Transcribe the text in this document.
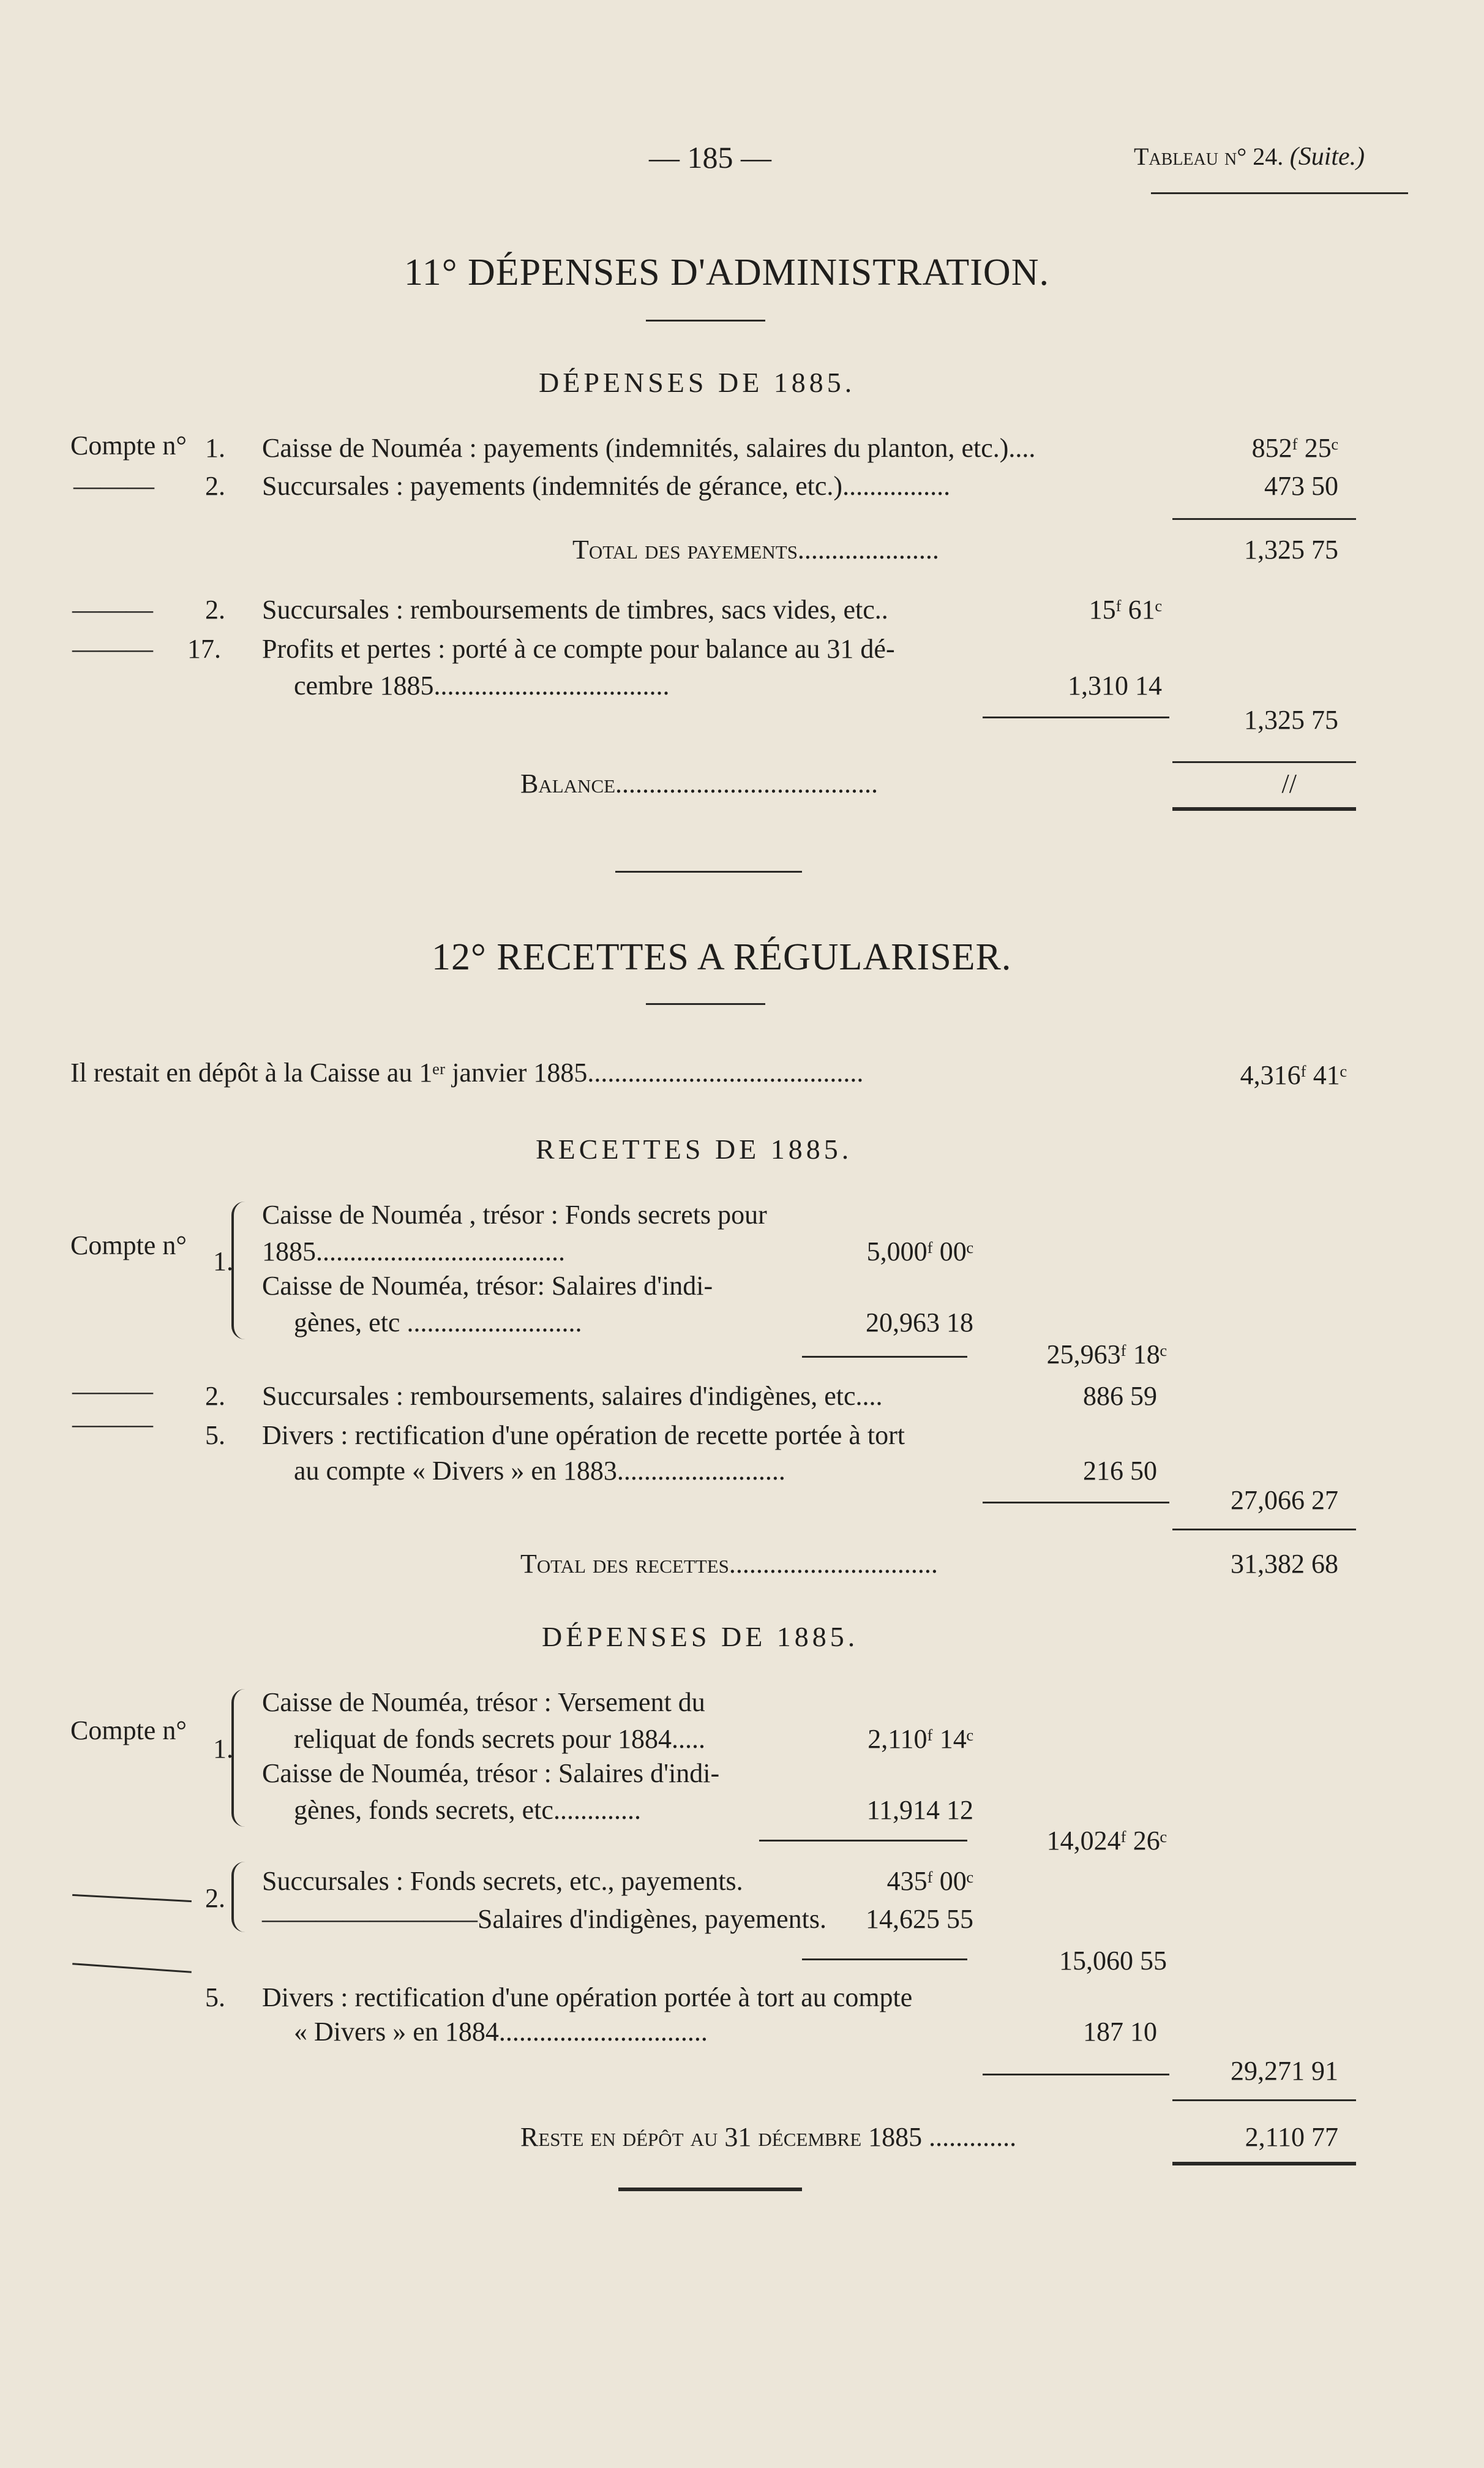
— 185 —	Tableau n° 24. (Suite.)
11° DÉPENSES D'ADMINISTRATION.
DÉPENSES DE 1885.
Compte n° 1. Caisse de Nouméa : payements (indemnités, salaires du planton, etc.)....	852ᶠ 25ᶜ
——— 2. Succursales : payements (indemnités de gérance, etc.)................	473 50
Total des payements.....................	1,325 75
——— 2. Succursales : remboursements de timbres, sacs vides, etc..	15ᶠ 61ᶜ
——— 17. Profits et pertes : porté à ce compte pour balance au 31 dé-
cembre 1885...................................	1,310 14
1,325 75
Balance.......................................	//
12° RECETTES A RÉGULARISER.
Il restait en dépôt à la Caisse au 1ᵉʳ janvier 1885.........................................	4,316ᶠ 41ᶜ
RECETTES DE 1885.
Compte n°
1.
Caisse de Nouméa , trésor : Fonds secrets pour
1885.....................................	5,000ᶠ 00ᶜ
Caisse de Nouméa, trésor: Salaires d'indi-
gènes, etc ..........................	20,963 18
25,963ᶠ 18ᶜ
——— 2. Succursales : remboursements, salaires d'indigènes, etc....	886 59
——— 5. Divers : rectification d'une opération de recette portée à tort
au compte « Divers » en 1883.........................	216 50
27,066 27
Total des recettes...............................	31,382 68
DÉPENSES DE 1885.
Compte n°
1.
Caisse de Nouméa, trésor : Versement du
reliquat de fonds secrets pour 1884.....	2,110ᶠ 14ᶜ
Caisse de Nouméa, trésor : Salaires d'indi-
gènes, fonds secrets, etc.............	11,914 12
14,024ᶠ 26ᶜ
2.
Succursales : Fonds secrets, etc., payements.	435ᶠ 00ᶜ
————————Salaires d'indigènes, payements.	14,625 55
15,060 55
5. Divers : rectification d'une opération portée à tort au compte
« Divers » en 1884...............................	187 10
29,271 91
Reste en dépôt au 31 décembre 1885 .............	2,110 77
